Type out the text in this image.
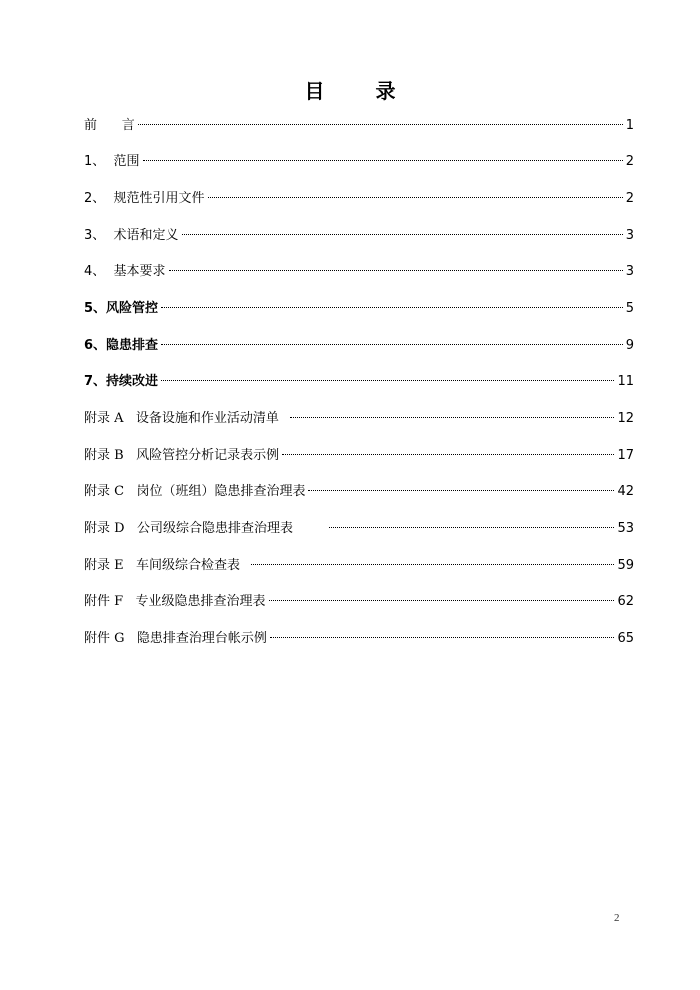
目 录
前      言	1
1、  范围	2
2、  规范性引用文件	2
3、  术语和定义	3
4、  基本要求	3
5、风险管控	5
6、隐患排查	9
7、持续改进	11
附录 A   设备设施和作业活动清单	12
附录 B   风险管控分析记录表示例	17
附录 C   岗位（班组）隐患排查治理表	42
附录 D   公司级综合隐患排查治理表	53
附录 E   车间级综合检查表	59
附件 F   专业级隐患排查治理表	62
附件 G   隐患排查治理台帐示例	65
2
